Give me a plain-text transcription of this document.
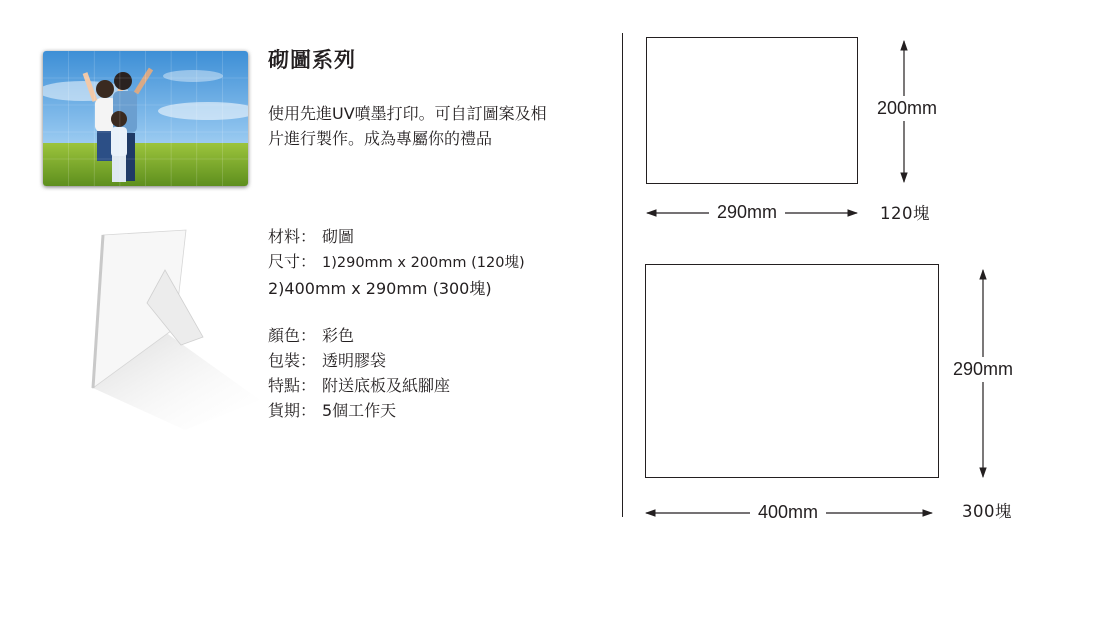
砌圖系列
使用先進UV噴墨打印。可自訂圖案及相
片進行製作。成為專屬你的禮品
材料： 砌圖
尺寸： 1)290mm x 200mm (120塊)
2)400mm x 290mm (300塊)
顏色： 彩色
包裝： 透明膠袋
特點： 附送底板及紙腳座
貨期： 5個工作天
200mm
290mm	120塊
290mm
400mm	300塊
